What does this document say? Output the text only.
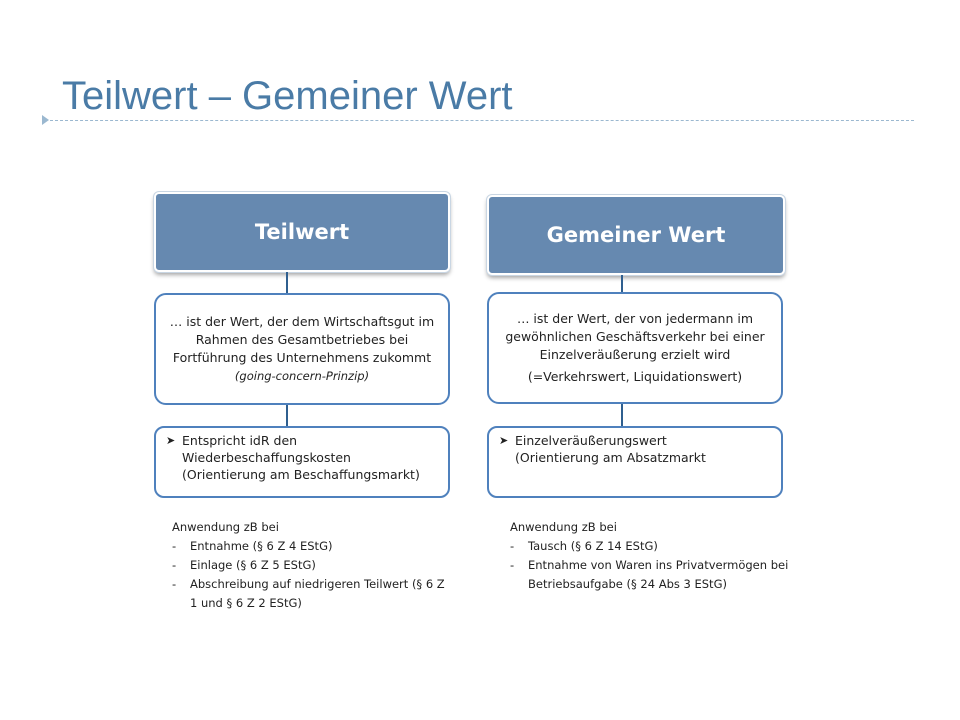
Teilwert – Gemeiner Wert
Teilwert
… ist der Wert, der dem Wirtschaftsgut im
Rahmen des Gesamtbetriebes bei
Fortführung des Unternehmens zukommt
(going-concern-Prinzip)
➤ Entspricht idR den
Wiederbeschaffungskosten
(Orientierung am Beschaffungsmarkt)
Anwendung zB bei
-	Entnahme (§ 6 Z 4 EStG)
-	Einlage (§ 6 Z 5 EStG)
-	Abschreibung auf niedrigeren Teilwert (§ 6 Z 1 und § 6 Z 2 EStG)
Gemeiner Wert
… ist der Wert, der von jedermann im
gewöhnlichen Geschäftsverkehr bei einer
Einzelveräußerung erzielt wird
(=Verkehrswert, Liquidationswert)
➤ Einzelveräußerungswert
(Orientierung am Absatzmarkt
Anwendung zB bei
-	Tausch (§ 6 Z 14 EStG)
-	Entnahme von Waren ins Privatvermögen bei Betriebsaufgabe (§ 24 Abs 3 EStG)
